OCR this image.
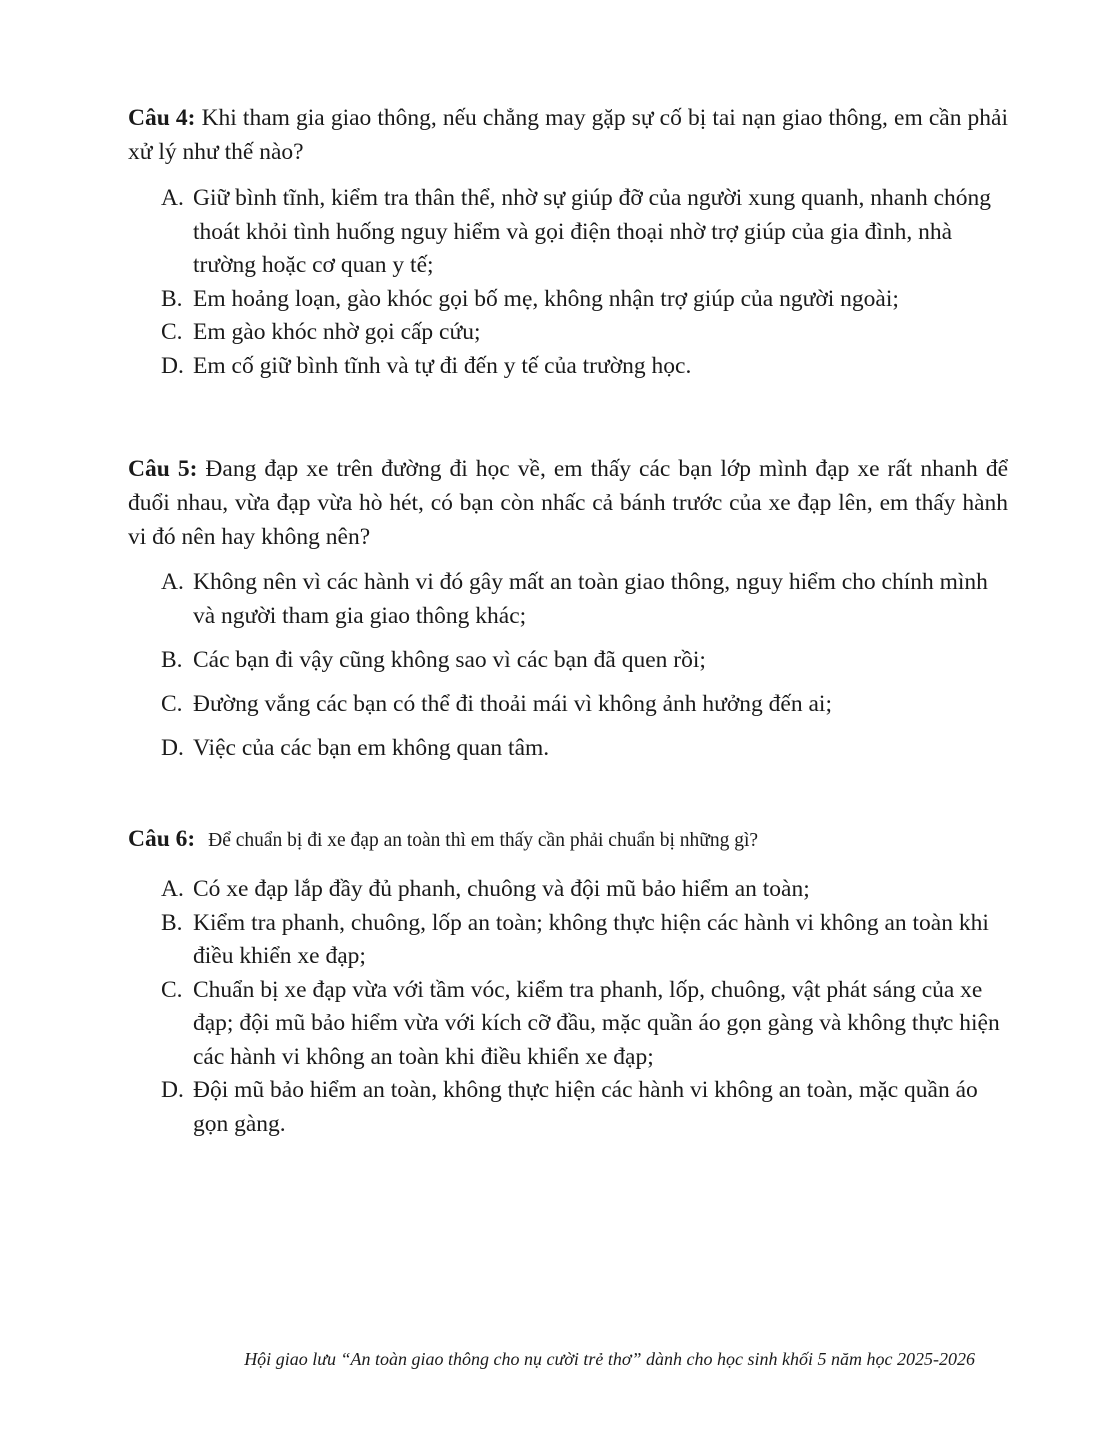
Câu 4: Khi tham gia giao thông, nếu chẳng may gặp sự cố bị tai nạn giao thông, em cần phải xử lý như thế nào?

A. Giữ bình tĩnh, kiểm tra thân thể, nhờ sự giúp đỡ của người xung quanh, nhanh chóng thoát khỏi tình huống nguy hiểm và gọi điện thoại nhờ trợ giúp của gia đình, nhà trường hoặc cơ quan y tế;
B. Em hoảng loạn, gào khóc gọi bố mẹ, không nhận trợ giúp của người ngoài;
C. Em gào khóc nhờ gọi cấp cứu;
D. Em cố giữ bình tĩnh và tự đi đến y tế của trường học.

Câu 5: Đang đạp xe trên đường đi học về, em thấy các bạn lớp mình đạp xe rất nhanh để đuổi nhau, vừa đạp vừa hò hét, có bạn còn nhấc cả bánh trước của xe đạp lên, em thấy hành vi đó nên hay không nên?

A. Không nên vì các hành vi đó gây mất an toàn giao thông, nguy hiểm cho chính mình và người tham gia giao thông khác;
B. Các bạn đi vậy cũng không sao vì các bạn đã quen rồi;
C. Đường vắng các bạn có thể đi thoải mái vì không ảnh hưởng đến ai;
D. Việc của các bạn em không quan tâm.

Câu 6: Để chuẩn bị đi xe đạp an toàn thì em thấy cần phải chuẩn bị những gì?

A. Có xe đạp lắp đầy đủ phanh, chuông và đội mũ bảo hiểm an toàn;
B. Kiểm tra phanh, chuông, lốp an toàn; không thực hiện các hành vi không an toàn khi điều khiển xe đạp;
C. Chuẩn bị xe đạp vừa với tầm vóc, kiểm tra phanh, lốp, chuông, vật phát sáng của xe đạp; đội mũ bảo hiểm vừa với kích cỡ đầu, mặc quần áo gọn gàng và không thực hiện các hành vi không an toàn khi điều khiển xe đạp;
D. Đội mũ bảo hiểm an toàn, không thực hiện các hành vi không an toàn, mặc quần áo gọn gàng.
Hội giao lưu “An toàn giao thông cho nụ cười trẻ thơ” dành cho học sinh khối 5 năm học 2025-2026
